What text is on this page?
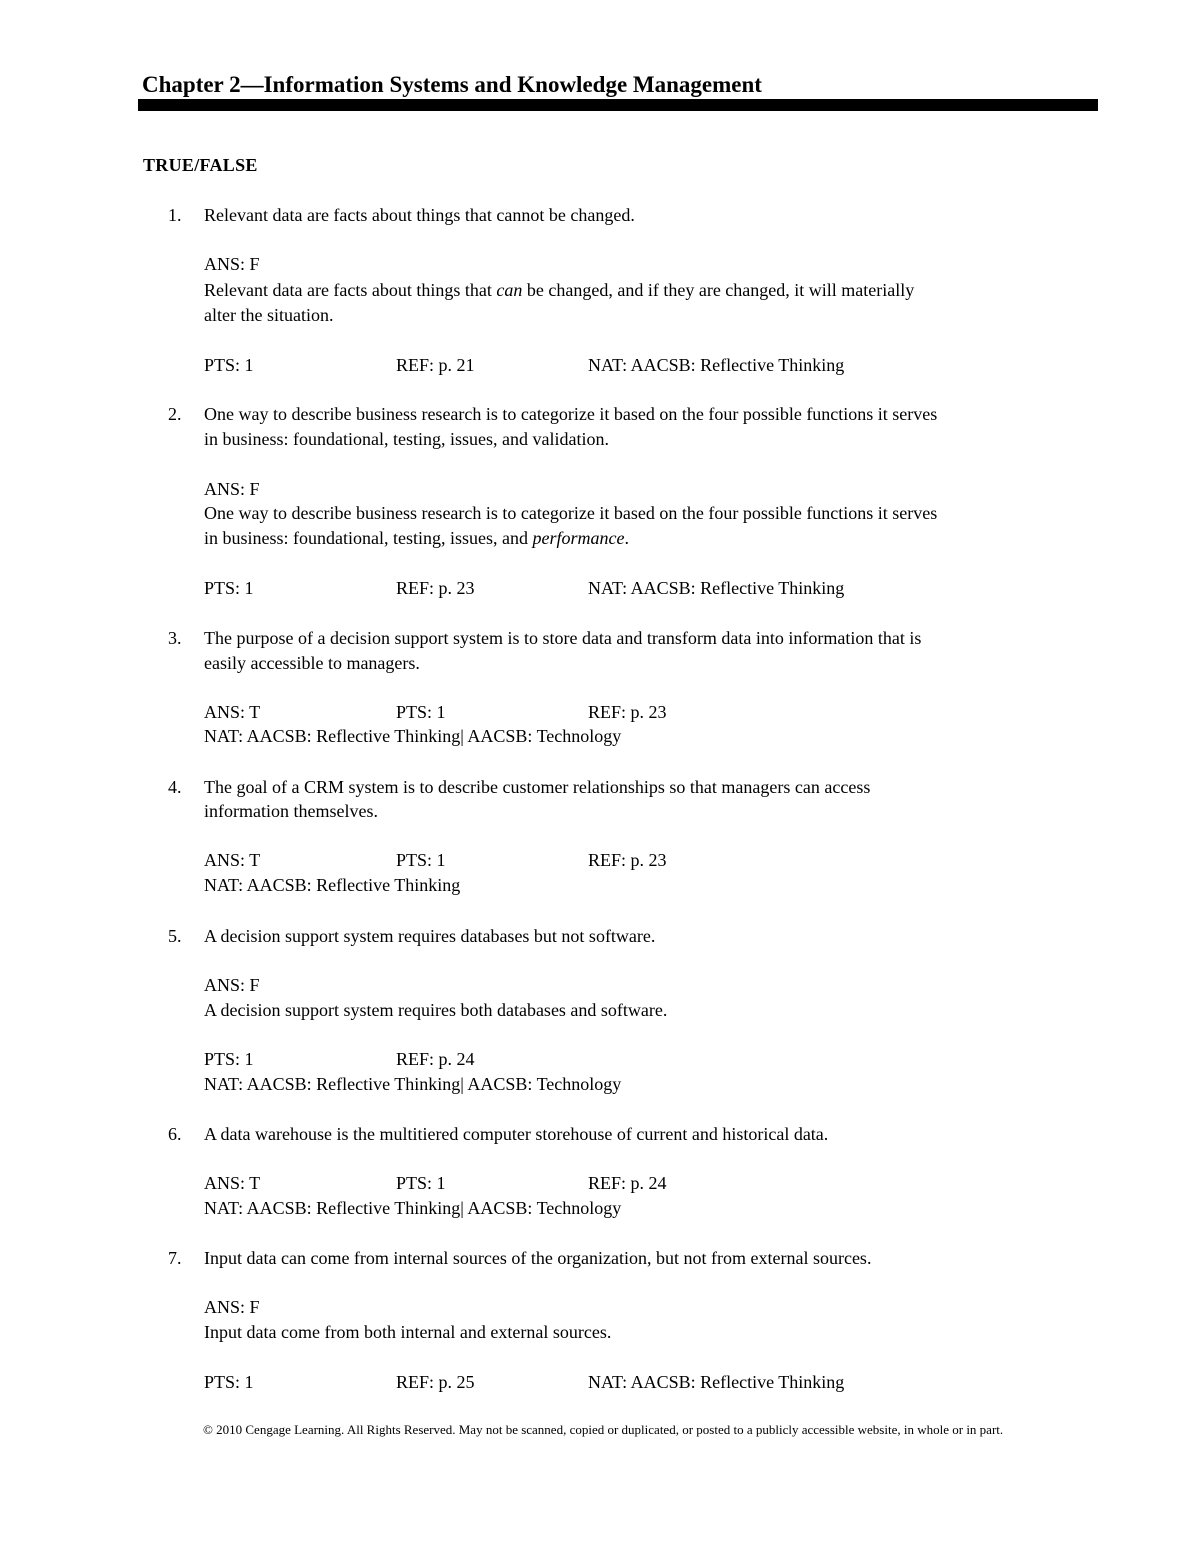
Chapter 2—Information Systems and Knowledge Management
TRUE/FALSE
1. Relevant data are facts about things that cannot be changed.
ANS: F
Relevant data are facts about things that can be changed, and if they are changed, it will materially
alter the situation.
PTS: 1	REF: p. 21	NAT: AACSB: Reflective Thinking
2. One way to describe business research is to categorize it based on the four possible functions it serves
in business: foundational, testing, issues, and validation.
ANS: F
One way to describe business research is to categorize it based on the four possible functions it serves
in business: foundational, testing, issues, and performance.
PTS: 1	REF: p. 23	NAT: AACSB: Reflective Thinking
3. The purpose of a decision support system is to store data and transform data into information that is
easily accessible to managers.
ANS: T	PTS: 1	REF: p. 23
NAT: AACSB: Reflective Thinking| AACSB: Technology
4. The goal of a CRM system is to describe customer relationships so that managers can access
information themselves.
ANS: T	PTS: 1	REF: p. 23
NAT: AACSB: Reflective Thinking
5. A decision support system requires databases but not software.
ANS: F
A decision support system requires both databases and software.
PTS: 1	REF: p. 24
NAT: AACSB: Reflective Thinking| AACSB: Technology
6. A data warehouse is the multitiered computer storehouse of current and historical data.
ANS: T	PTS: 1	REF: p. 24
NAT: AACSB: Reflective Thinking| AACSB: Technology
7. Input data can come from internal sources of the organization, but not from external sources.
ANS: F
Input data come from both internal and external sources.
PTS: 1	REF: p. 25	NAT: AACSB: Reflective Thinking
© 2010 Cengage Learning. All Rights Reserved. May not be scanned, copied or duplicated, or posted to a publicly accessible website, in whole or in part.
